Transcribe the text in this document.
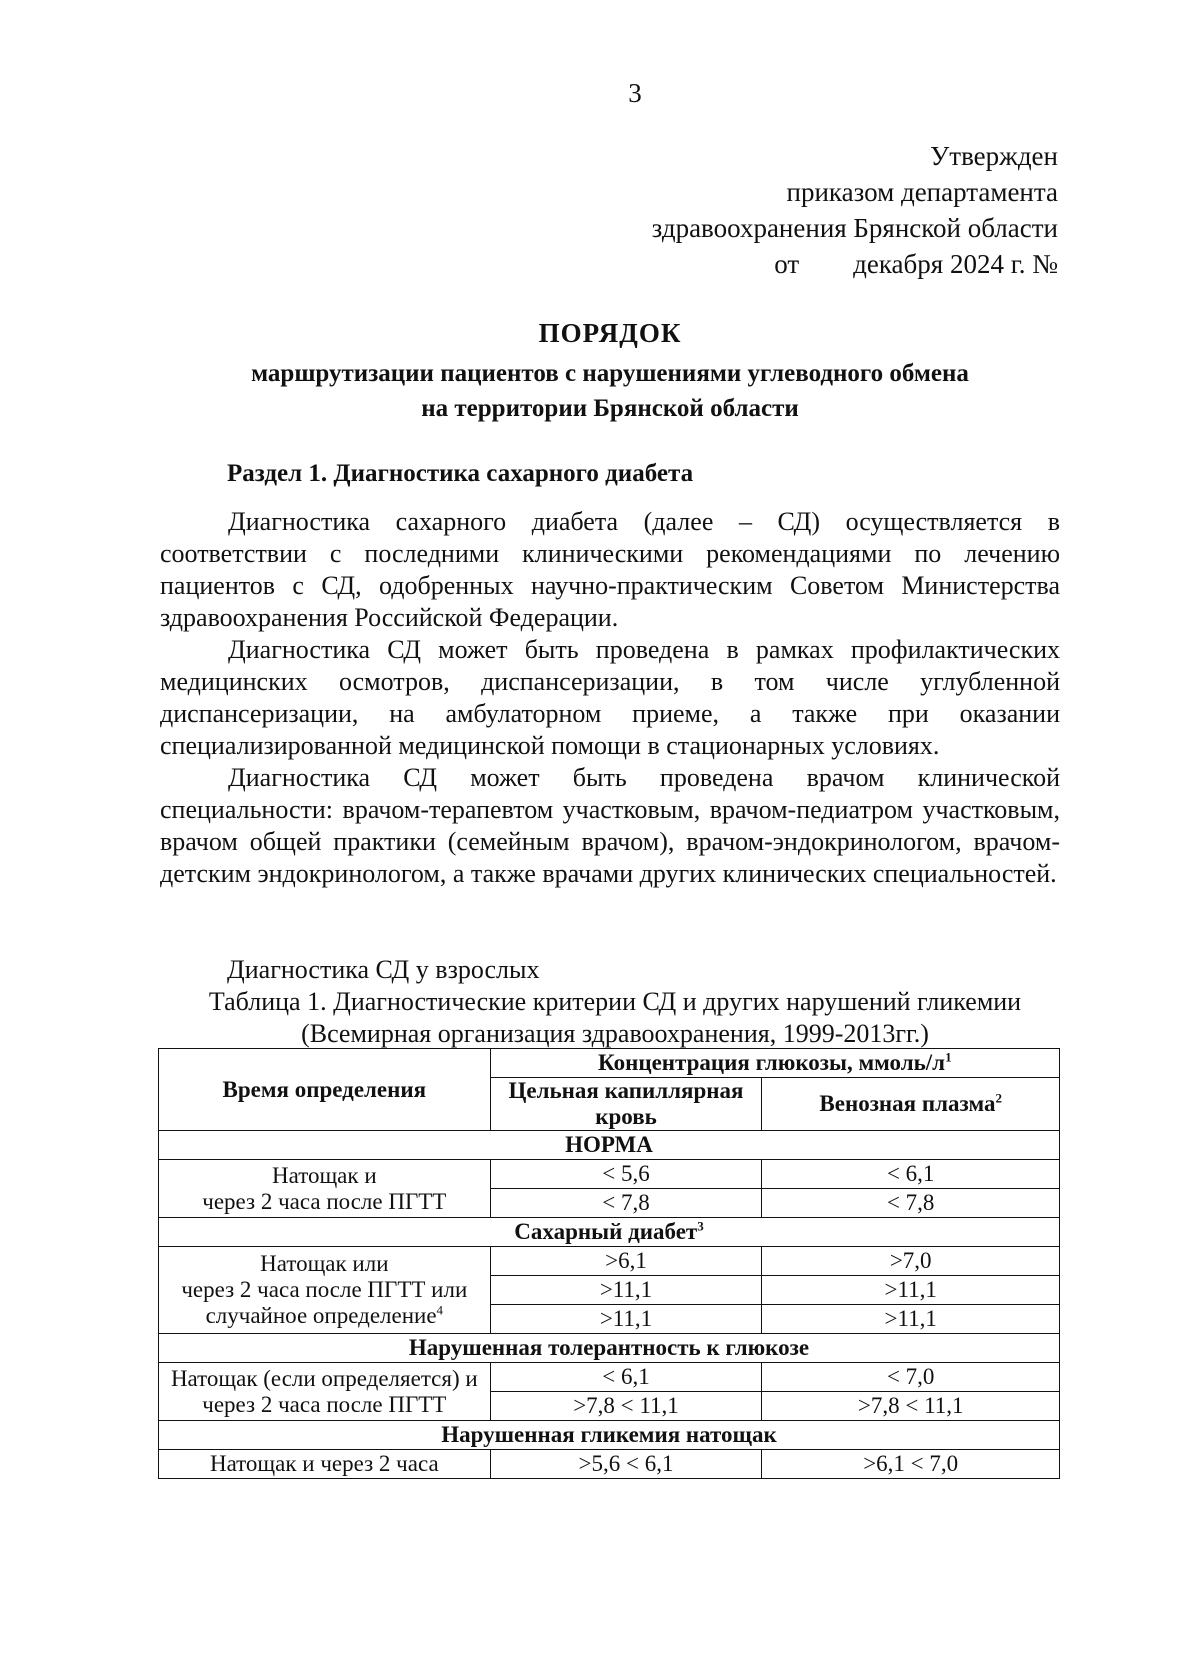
3
Утвержден
приказом департамента
здравоохранения Брянской области
от        декабря 2024 г. №
ПОРЯДОК
маршрутизации пациентов с нарушениями углеводного обмена
на территории Брянской области
Раздел 1. Диагностика сахарного диабета

Диагностика сахарного диабета (далее – СД) осуществляется в соответствии с последними клиническими рекомендациями по лечению пациентов с СД, одобренных научно-практическим Советом Министерства здравоохранения Российской Федерации.

Диагностика СД может быть проведена в рамках профилактических медицинских осмотров, диспансеризации, в том числе углубленной диспансеризации, на амбулаторном приеме, а также при оказании специализированной медицинской помощи в стационарных условиях.

Диагностика СД может быть проведена врачом клинической специальности: врачом-терапевтом участковым, врачом-педиатром участковым, врачом общей практики (семейным врачом), врачом-эндокринологом, врачом-детским эндокринологом, а также врачами других клинических специальностей.

Диагностика СД у взрослых
Таблица 1. Диагностические критерии СД и других нарушений гликемии
(Всемирная организация здравоохранения, 1999-2013гг.)
Время определения	Концентрация глюкозы, ммоль/$л^1$
	Цельная капиллярная кровь	Венозная плазма$^2$
НОРМА		

Натощак и
через 2 часа после ПГТТ	< 5,6	< 6,1
	< 7,8	< 7,8
Сахарный диабет$^3$

Натощак или
через 2 часа после ПГТТ или
случайное определение$^4$	>6,1	>7,0
	>11,1	>11,1
	>11,1	>11,1
Нарушенная толерантность к глюкозе		

Натощак (если определяется) и
через 2 часа после ПГТТ	< 6,1	< 7,0
	>7,8 < 11,1	>7,8 < 11,1
Нарушенная гликемия натощак		
Натощак и через 2 часа	>5,6 < 6,1	>6,1 < 7,0
